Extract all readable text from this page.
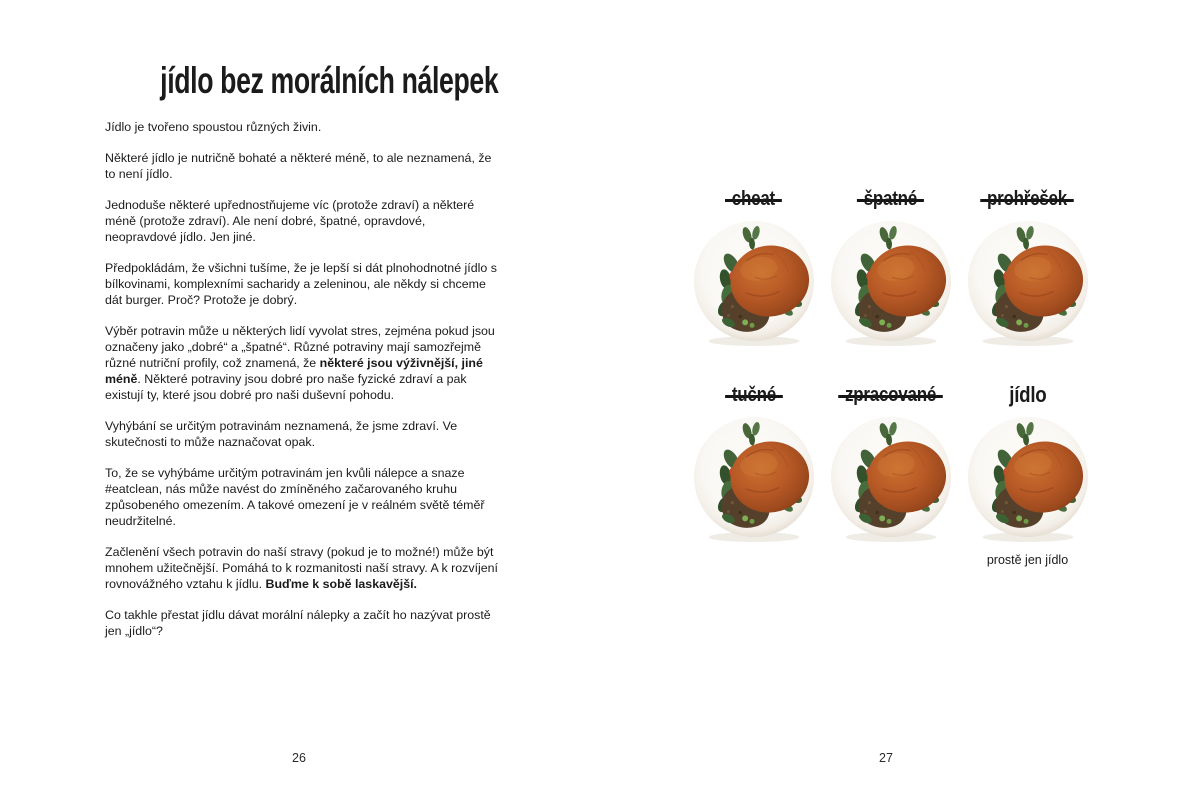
jídlo bez morálních nálepek

Jídlo je tvořeno spoustou různých živin.

Některé jídlo je nutričně bohaté a některé méně, to ale neznamená, že to není jídlo.

Jednoduše některé upřednostňujeme víc (protože zdraví) a některé méně (protože zdraví). Ale není dobré, špatné, opravdové, neopravdové jídlo. Jen jiné.

Předpokládám, že všichni tušíme, že je lepší si dát plnohodnotné jídlo s bílkovinami, komplexními sacharidy a zeleninou, ale někdy si chceme dát burger. Proč? Protože je dobrý.

Výběr potravin může u některých lidí vyvolat stres, zejména pokud jsou označeny jako „dobré“ a „špatné“. Různé potraviny mají samozřejmě různé nutriční profily, což znamená, že některé jsou výživnější, jiné méně. Některé potraviny jsou dobré pro naše fyzické zdraví a pak existují ty, které jsou dobré pro naši duševní pohodu.

Vyhýbání se určitým potravinám neznamená, že jsme zdraví. Ve skutečnosti to může naznačovat opak.

To, že se vyhýbáme určitým potravinám jen kvůli nálepce a snaze #eatclean, nás může navést do zmíněného začarovaného kruhu způsobeného omezením. A takové omezení je v reálném světě téměř neudržitelné.

Začlenění všech potravin do naší stravy (pokud je to možné!) může být mnohem užitečnější. Pomáhá to k rozmanitosti naší stravy. A k rozvíjení rovnovážného vztahu k jídlu. Buďme k sobě laskavější.

Co takhle přestat jídlu dávat morální nálepky a začít ho nazývat prostě jen „jídlo“?

cheat	špatné	prohřešek
tučné	zpracované	jídlo
prostě jen jídlo
26	27
